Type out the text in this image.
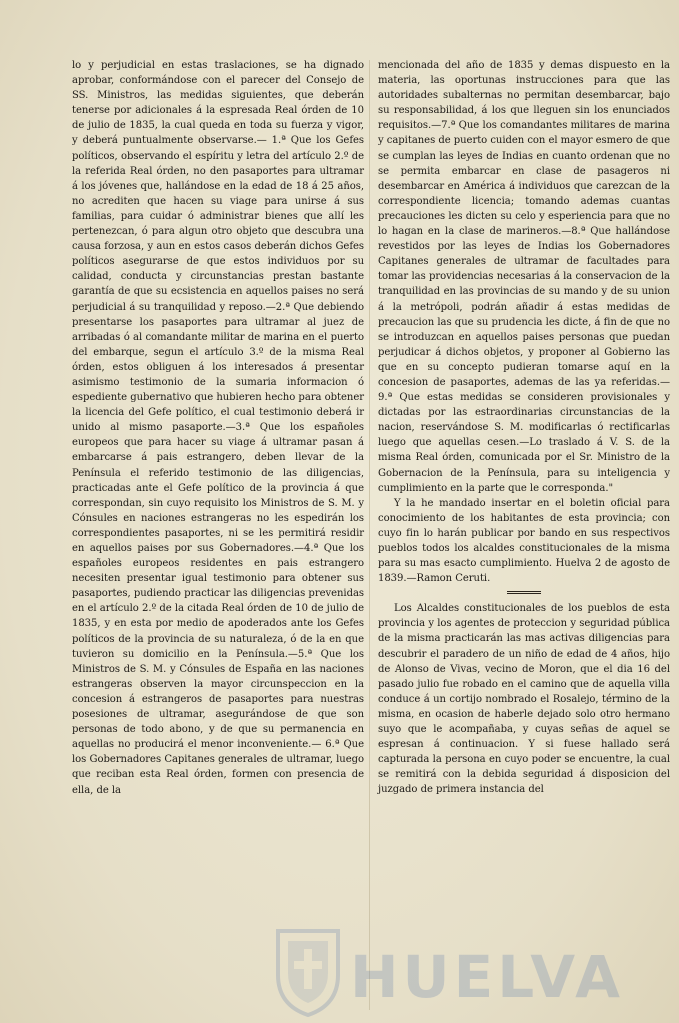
lo y perjudicial en estas traslaciones, se ha dignado aprobar, conformándose con el parecer del Consejo de SS. Ministros, las medidas siguientes, que deberán tenerse por adicionales á la espresada Real órden de 10 de julio de 1835, la cual queda en toda su fuerza y vigor, y deberá puntualmente observarse.— 1.ª Que los Gefes políticos, observando el espíritu y letra del artículo 2.º de la referida Real órden, no den pasaportes para ultramar á los jóvenes que, hallándose en la edad de 18 á 25 años, no acrediten que hacen su viage para unirse á sus familias, para cuidar ó administrar bienes que allí les pertenezcan, ó para algun otro objeto que descubra una causa forzosa, y aun en estos casos deberán dichos Gefes políticos asegurarse de que estos individuos por su calidad, conducta y circunstancias prestan bastante garantía de que su ecsistencia en aquellos paises no será perjudicial á su tranquilidad y reposo.—2.ª Que debiendo presentarse los pasaportes para ultramar al juez de arribadas ó al comandante militar de marina en el puerto del embarque, segun el artículo 3.º de la misma Real órden, estos obliguen á los interesados á presentar asimismo testimonio de la sumaria informacion ó espediente gubernativo que hubieren hecho para obtener la licencia del Gefe político, el cual testimonio deberá ir unido al mismo pasaporte.—3.ª Que los españoles europeos que para hacer su viage á ultramar pasan á embarcarse á pais estrangero, deben llevar de la Península el referido testimonio de las diligencias, practicadas ante el Gefe político de la provincia á que correspondan, sin cuyo requisito los Ministros de S. M. y Cónsules en naciones estrangeras no les espedirán los correspondientes pasaportes, ni se les permitirá residir en aquellos paises por sus Gobernadores.—4.ª Que los españoles europeos residentes en pais estrangero necesiten presentar igual testimonio para obtener sus pasaportes, pudiendo practicar las diligencias prevenidas en el artículo 2.º de la citada Real órden de 10 de julio de 1835, y en esta por medio de apoderados ante los Gefes políticos de la provincia de su naturaleza, ó de la en que tuvieron su domicilio en la Península.—5.ª Que los Ministros de S. M. y Cónsules de España en las naciones estrangeras observen la mayor circunspeccion en la concesion á estrangeros de pasaportes para nuestras posesiones de ultramar, asegurándose de que son personas de todo abono, y de que su permanencia en aquellas no producirá el menor inconveniente.— 6.ª Que los Gobernadores Capitanes generales de ultramar, luego que reciban esta Real órden, formen con presencia de ella, de la

mencionada del año de 1835 y demas dispuesto en la materia, las oportunas instrucciones para que las autoridades subalternas no permitan desembarcar, bajo su responsabilidad, á los que lleguen sin los enunciados requisitos.—7.ª Que los comandantes militares de marina y capitanes de puerto cuiden con el mayor esmero de que se cumplan las leyes de Indias en cuanto ordenan que no se permita embarcar en clase de pasageros ni desembarcar en América á individuos que carezcan de la correspondiente licencia; tomando ademas cuantas precauciones les dicten su celo y esperiencia para que no lo hagan en la clase de marineros.—8.ª Que hallándose revestidos por las leyes de Indias los Gobernadores Capitanes generales de ultramar de facultades para tomar las providencias necesarias á la conservacion de la tranquilidad en las provincias de su mando y de su union á la metrópoli, podrán añadir á estas medidas de precaucion las que su prudencia les dicte, á fin de que no se introduzcan en aquellos paises personas que puedan perjudicar á dichos objetos, y proponer al Gobierno las que en su concepto pudieran tomarse aquí en la concesion de pasaportes, ademas de las ya referidas.—9.ª Que estas medidas se consideren provisionales y dictadas por las estraordinarias circunstancias de la nacion, reservándose S. M. modificarlas ó rectificarlas luego que aquellas cesen.—Lo traslado á V. S. de la misma Real órden, comunicada por el Sr. Ministro de la Gobernacion de la Península, para su inteligencia y cumplimiento en la parte que le corresponda."

Y la he mandado insertar en el boletin oficial para conocimiento de los habitantes de esta provincia; con cuyo fin lo harán publicar por bando en sus respectivos pueblos todos los alcaldes constitucionales de la misma para su mas esacto cumplimiento. Huelva 2 de agosto de 1839.—Ramon Ceruti.

Los Alcaldes constitucionales de los pueblos de esta provincia y los agentes de proteccion y seguridad pública de la misma practicarán las mas activas diligencias para descubrir el paradero de un niño de edad de 4 años, hijo de Alonso de Vivas, vecino de Moron, que el dia 16 del pasado julio fue robado en el camino que de aquella villa conduce á un cortijo nombrado el Rosalejo, término de la misma, en ocasion de haberle dejado solo otro hermano suyo que le acompañaba, y cuyas señas de aquel se espresan á continuacion. Y si fuese hallado será capturada la persona en cuyo poder se encuentre, la cual se remitirá con la debida seguridad á disposicion del juzgado de primera instancia del

HUELVA
